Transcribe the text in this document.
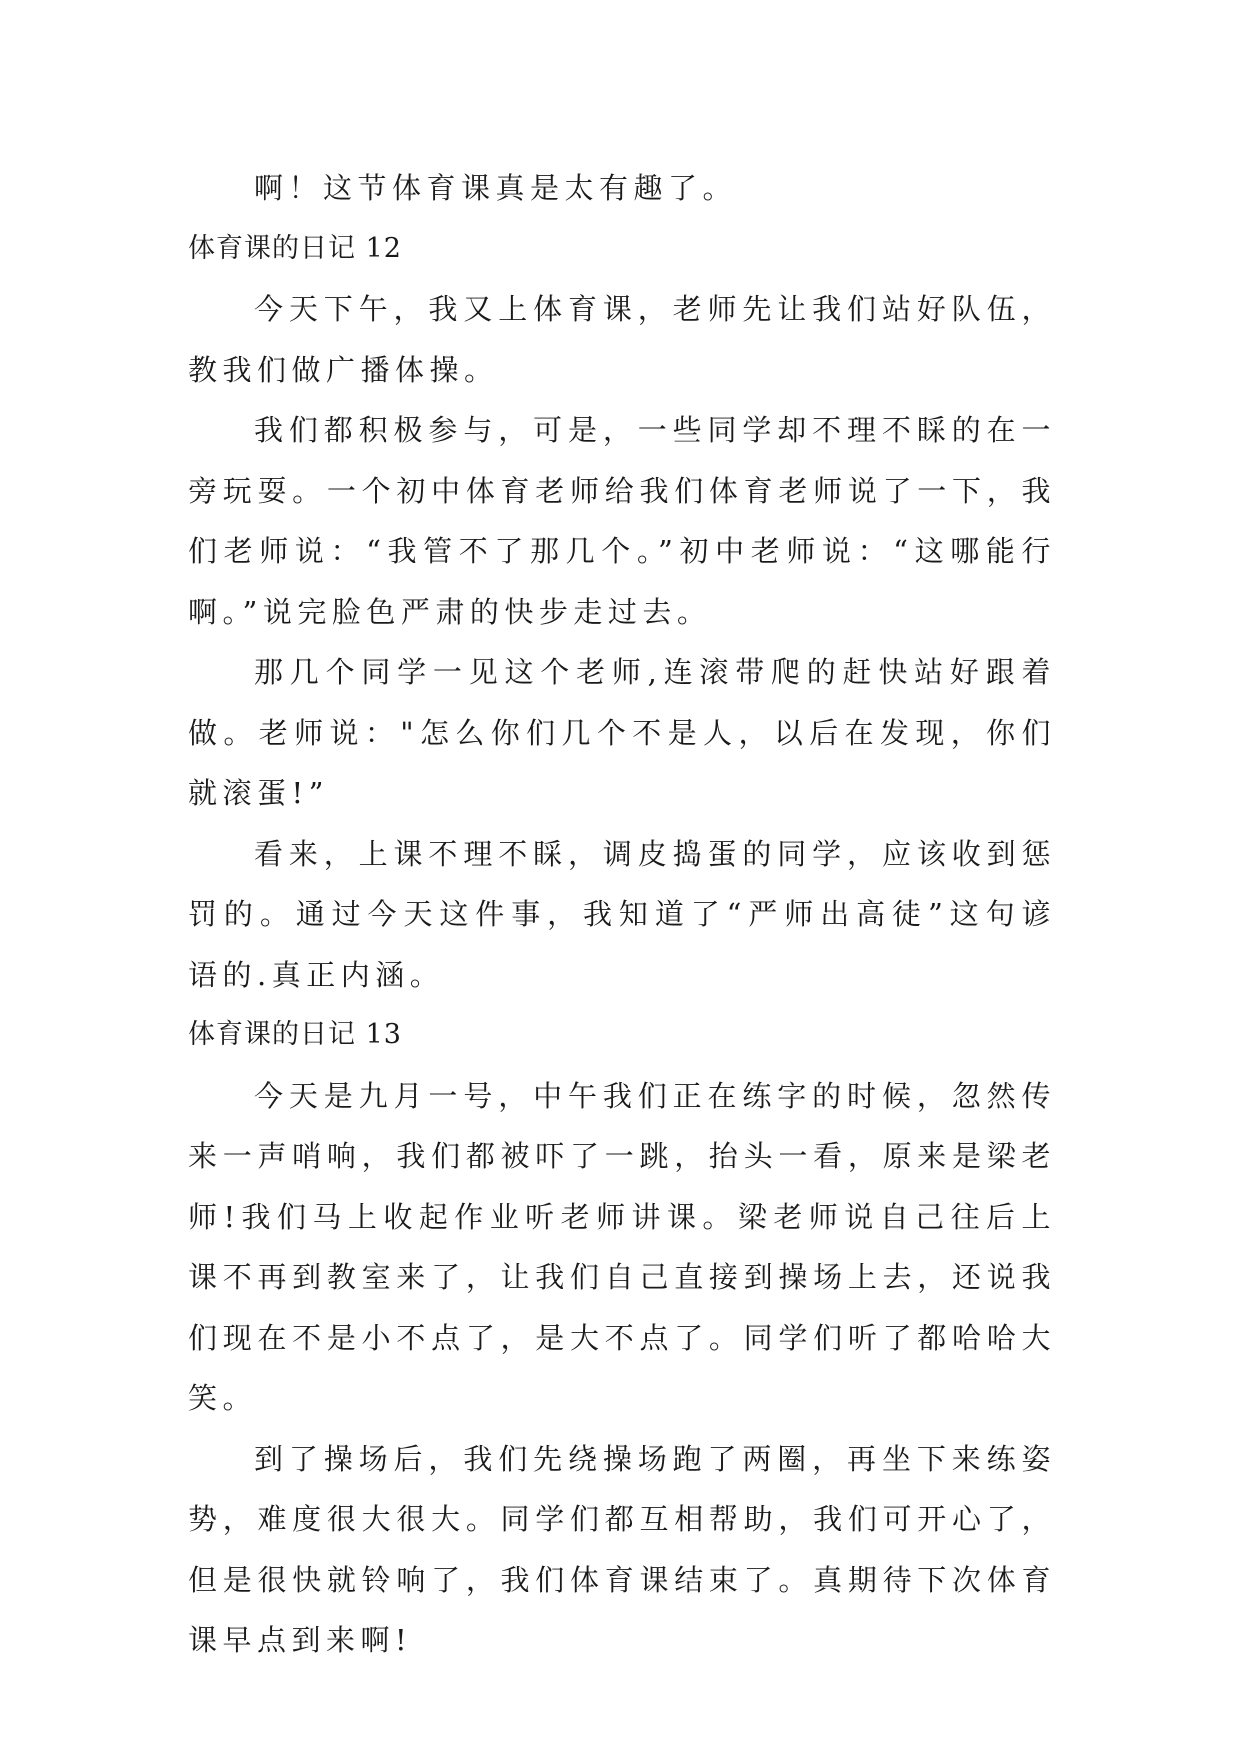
啊！这节体育课真是太有趣了。

体育课的日记 12

今天下午，我又上体育课，老师先让我们站好队伍，教我们做广播体操。

我们都积极参与，可是，一些同学却不理不睬的在一旁玩耍。一个初中体育老师给我们体育老师说了一下，我们老师说：“我管不了那几个。”初中老师说：“这哪能行啊。”说完脸色严肃的快步走过去。

那几个同学一见这个老师,连滚带爬的赶快站好跟着做。老师说："怎么你们几个不是人，以后在发现，你们就滚蛋!”

看来，上课不理不睬，调皮捣蛋的同学，应该收到惩罚的。通过今天这件事，我知道了“严师出高徒”这句谚语的.真正内涵。

体育课的日记 13

今天是九月一号，中午我们正在练字的时候，忽然传来一声哨响，我们都被吓了一跳，抬头一看，原来是梁老师!我们马上收起作业听老师讲课。梁老师说自己往后上课不再到教室来了，让我们自己直接到操场上去，还说我们现在不是小不点了，是大不点了。同学们听了都哈哈大笑。

到了操场后，我们先绕操场跑了两圈，再坐下来练姿势，难度很大很大。同学们都互相帮助，我们可开心了，但是很快就铃响了，我们体育课结束了。真期待下次体育课早点到来啊!
